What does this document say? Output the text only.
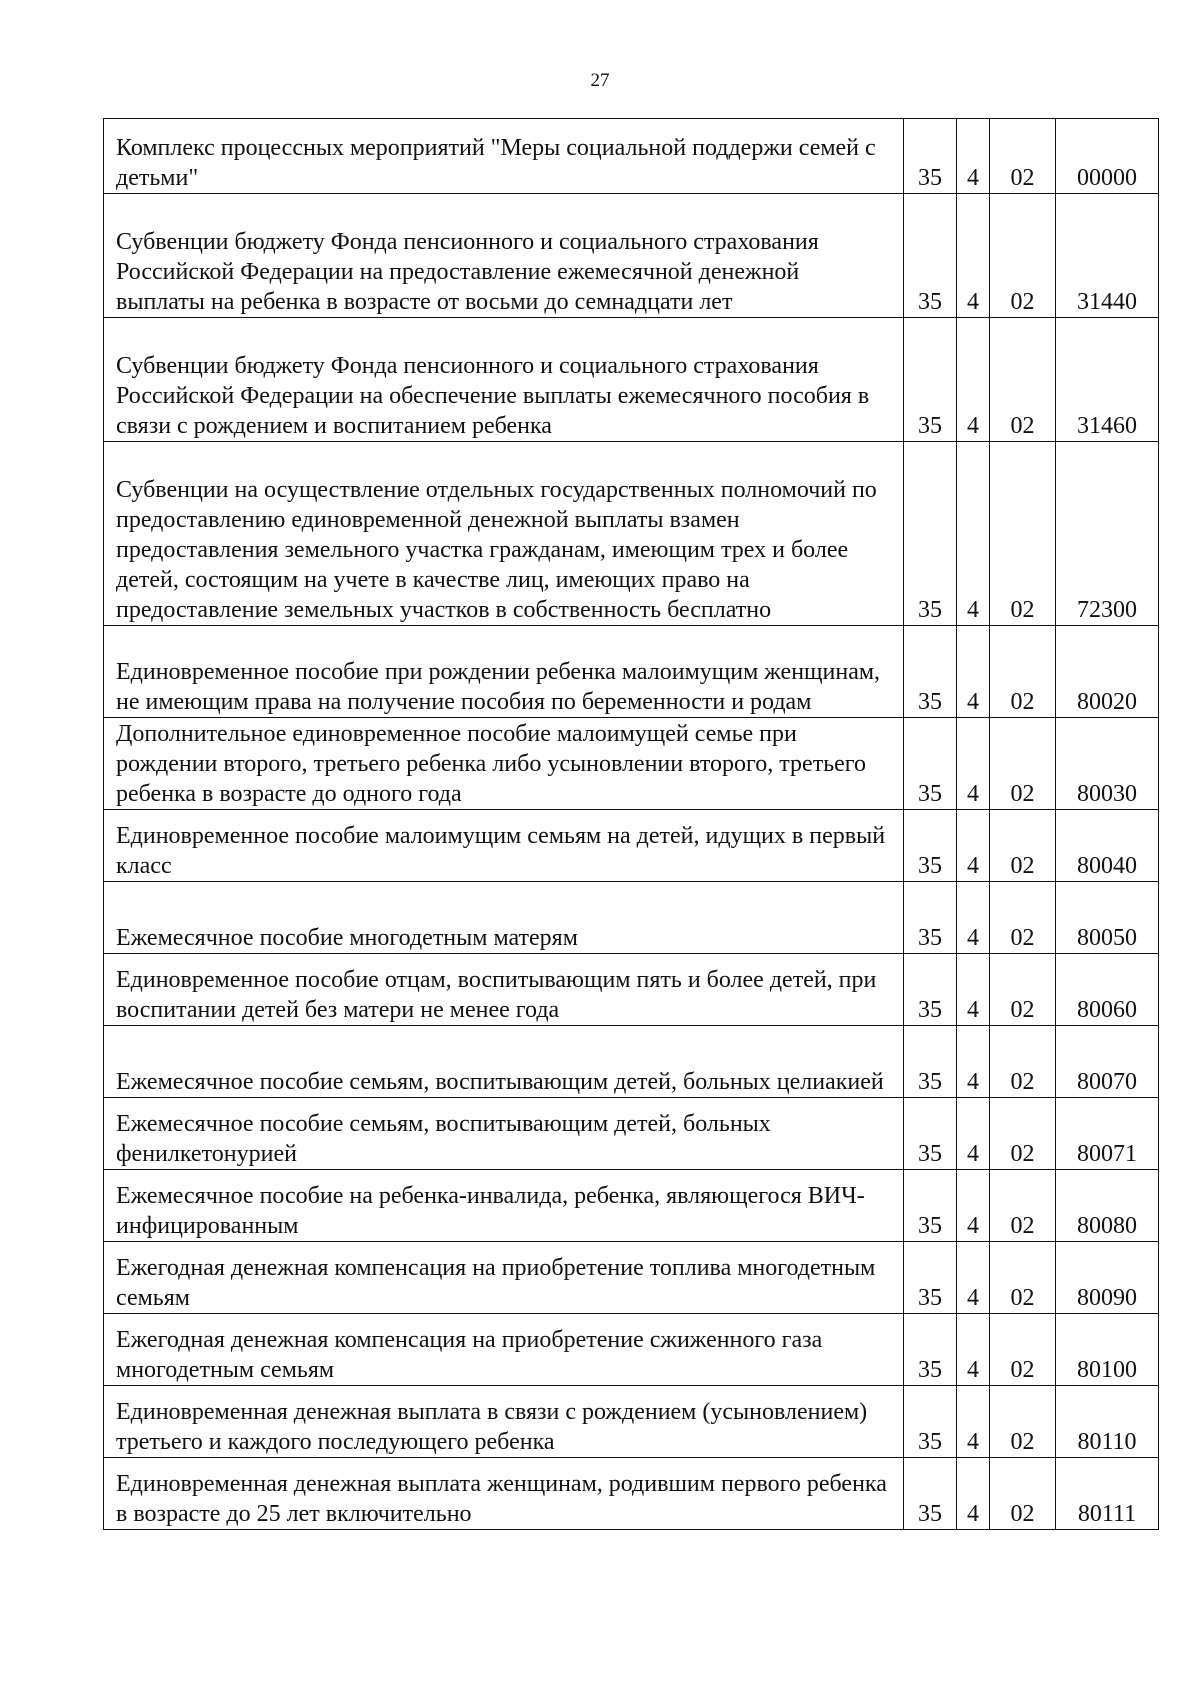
27
Комплекс процессных мероприятий "Меры социальной поддержи семей с детьми"	35	4	02	00000
Субвенции бюджету Фонда пенсионного и социального страхования Российской Федерации на предоставление ежемесячной денежной выплаты на ребенка в возрасте от восьми до семнадцати лет	35	4	02	31440
Субвенции бюджету Фонда пенсионного и социального страхования Российской Федерации на обеспечение выплаты ежемесячного пособия в связи с рождением и воспитанием ребенка	35	4	02	31460
Субвенции на осуществление отдельных государственных полномочий по предоставлению единовременной денежной выплаты взамен предоставления земельного участка гражданам, имеющим трех и более детей, состоящим на учете в качестве лиц, имеющих право на предоставление земельных участков в собственность бесплатно	35	4	02	72300
Единовременное пособие при рождении ребенка малоимущим женщинам, не имеющим права на получение пособия по беременности и родам	35	4	02	80020
Дополнительное единовременное пособие малоимущей семье при рождении второго, третьего ребенка либо усыновлении второго, третьего ребенка в возрасте до одного года	35	4	02	80030
Единовременное пособие малоимущим семьям на детей, идущих в первый класс	35	4	02	80040
Ежемесячное пособие многодетным матерям	35	4	02	80050
Единовременное пособие отцам, воспитывающим пять и более детей, при воспитании детей без матери не менее года	35	4	02	80060
Ежемесячное пособие семьям, воспитывающим детей, больных целиакией	35	4	02	80070
Ежемесячное пособие семьям, воспитывающим детей, больных фенилкетонурией	35	4	02	80071
Ежемесячное пособие на ребенка-инвалида, ребенка, являющегося ВИЧ-инфицированным	35	4	02	80080
Ежегодная денежная компенсация на приобретение топлива многодетным семьям	35	4	02	80090
Ежегодная денежная компенсация на приобретение сжиженного газа многодетным семьям	35	4	02	80100
Единовременная денежная выплата в связи с рождением (усыновлением) третьего и каждого последующего ребенка	35	4	02	80110
Единовременная денежная выплата женщинам, родившим первого ребенка в возрасте до 25 лет включительно	35	4	02	80111
